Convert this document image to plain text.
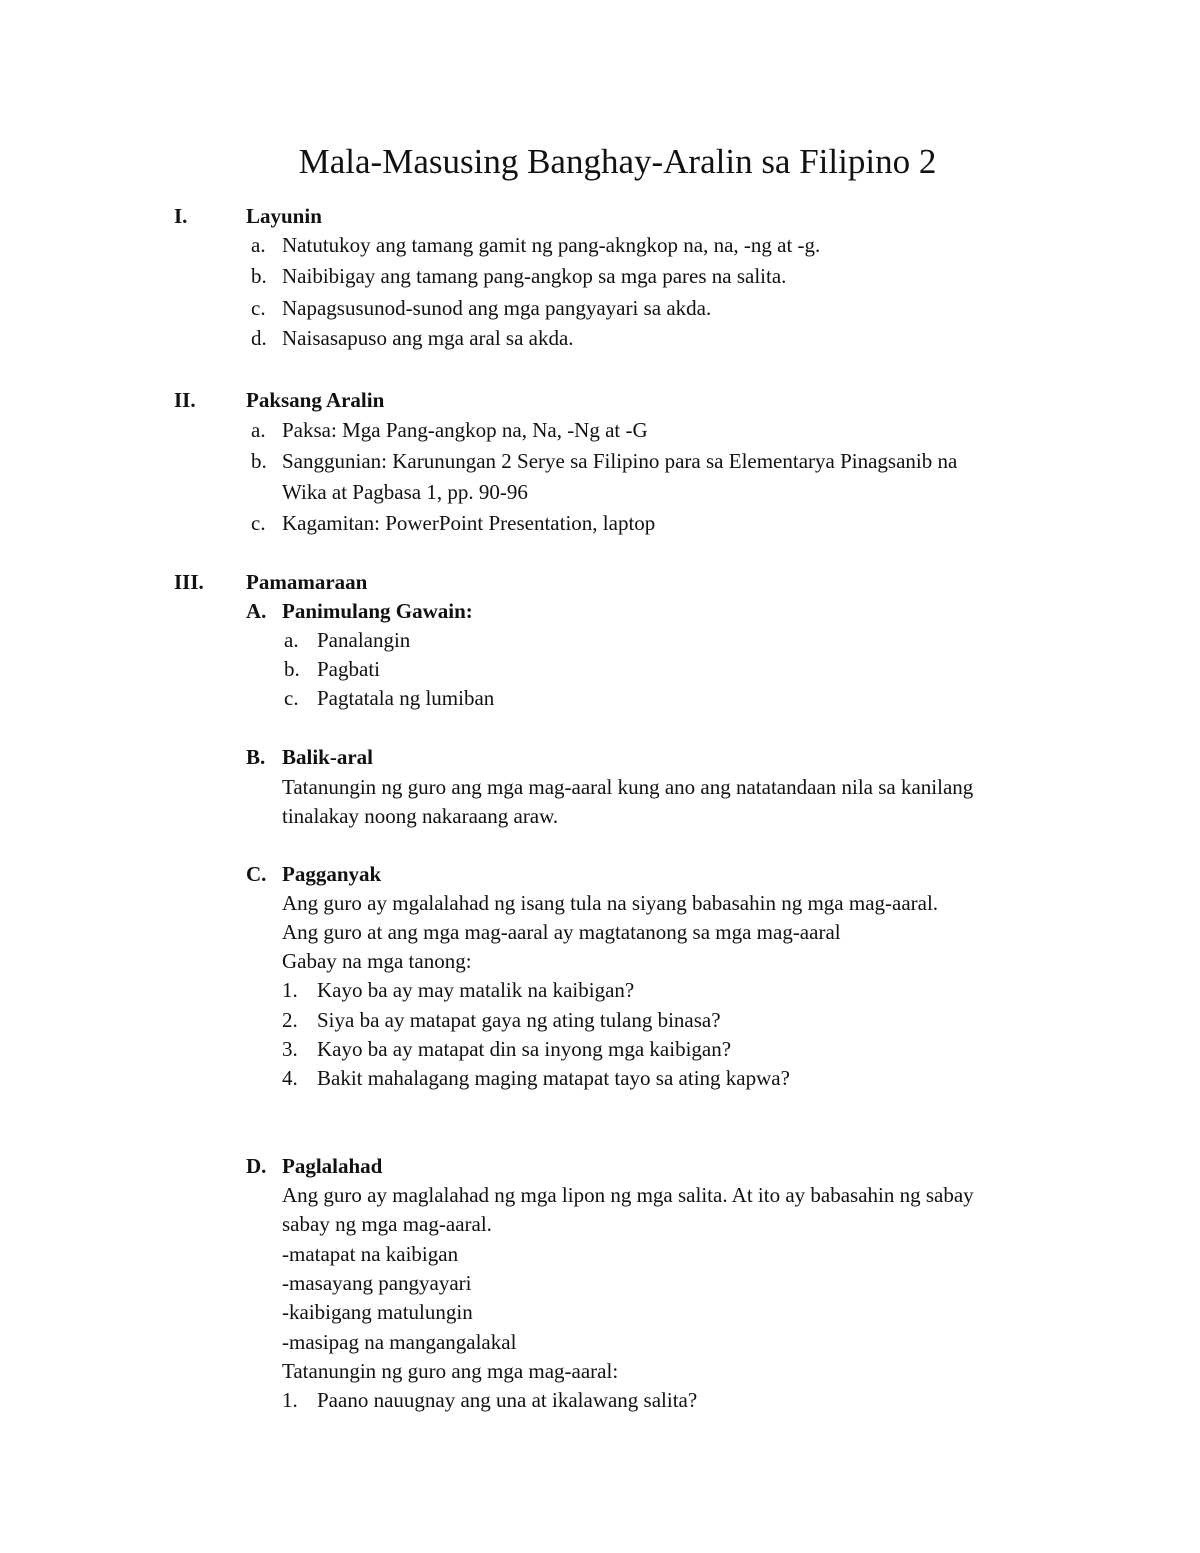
Mala-Masusing Banghay-Aralin sa Filipino 2
I.	Layunin
a. Natutukoy ang tamang gamit ng pang-akngkop na, na, -ng at -g.
b. Naibibigay ang tamang pang-angkop sa mga pares na salita.
c. Napagsusunod-sunod ang mga pangyayari sa akda.
d. Naisasapuso ang mga aral sa akda.
II. Paksang Aralin
a. Paksa: Mga Pang-angkop na, Na, -Ng at -G
b. Sanggunian: Karunungan 2 Serye sa Filipino para sa Elementarya Pinagsanib na
Wika at Pagbasa 1, pp. 90-96
c. Kagamitan: PowerPoint Presentation, laptop
III. Pamamaraan
A. Panimulang Gawain:
a. Panalangin
b. Pagbati
c. Pagtatala ng lumiban
B. Balik-aral
Tatanungin ng guro ang mga mag-aaral kung ano ang natatandaan nila sa kanilang
tinalakay noong nakaraang araw.
C. Pagganyak
Ang guro ay mgalalahad ng isang tula na siyang babasahin ng mga mag-aaral.
Ang guro at ang mga mag-aaral ay magtatanong sa mga mag-aaral
Gabay na mga tanong:
1. Kayo ba ay may matalik na kaibigan?
2. Siya ba ay matapat gaya ng ating tulang binasa?
3. Kayo ba ay matapat din sa inyong mga kaibigan?
4. Bakit mahalagang maging matapat tayo sa ating kapwa?
D. Paglalahad
Ang guro ay maglalahad ng mga lipon ng mga salita. At ito ay babasahin ng sabay
sabay ng mga mag-aaral.
-matapat na kaibigan
-masayang pangyayari
-kaibigang matulungin
-masipag na mangangalakal
Tatanungin ng guro ang mga mag-aaral:
1. Paano nauugnay ang una at ikalawang salita?
